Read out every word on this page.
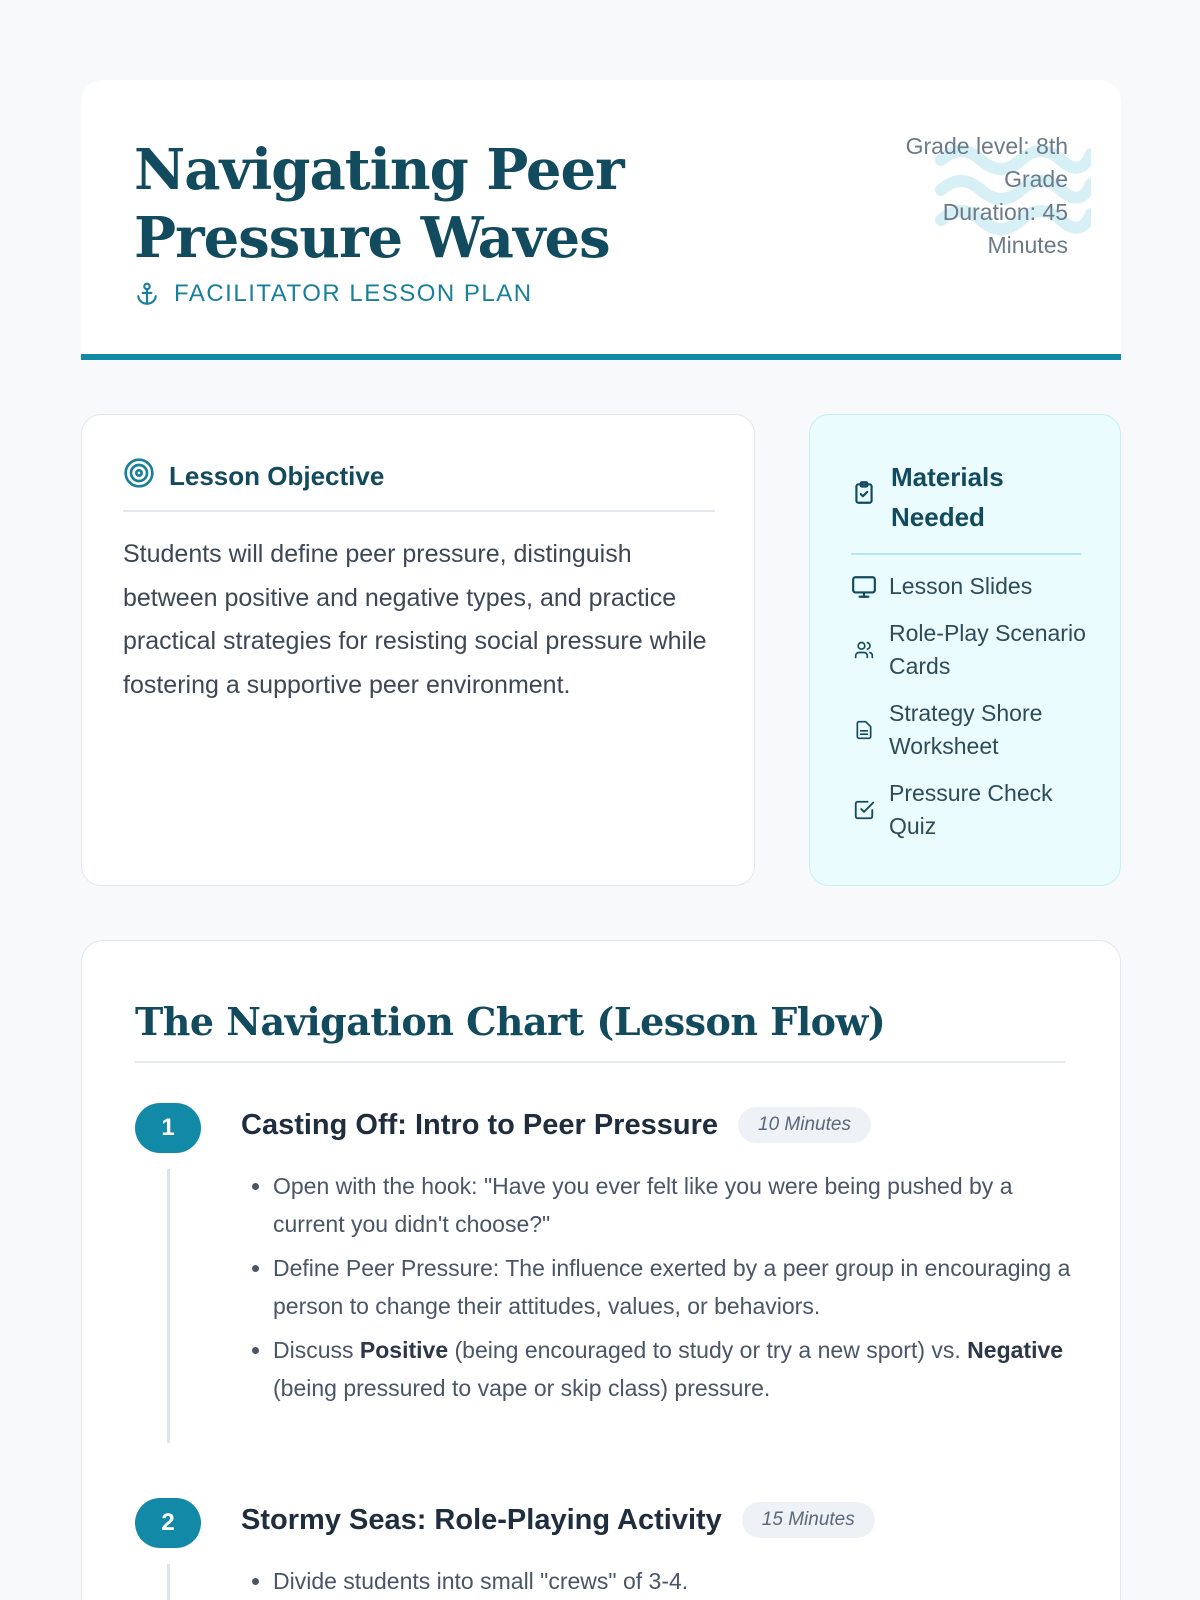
Navigating Peer Pressure Waves
FACILITATOR LESSON PLAN
Grade level: 8th Grade
Duration: 45 Minutes
Lesson Objective

Students will define peer pressure, distinguish between positive and negative types, and practice practical strategies for resisting social pressure while fostering a supportive peer environment.

Materials Needed
Lesson Slides
Role-Play Scenario Cards
Strategy Shore Worksheet
Pressure Check Quiz
The Navigation Chart (Lesson Flow)
1	Casting Off: Intro to Peer Pressure	10 Minutes
• Open with the hook: "Have you ever felt like you were being pushed by a current you didn't choose?"
• Define Peer Pressure: The influence exerted by a peer group in encouraging a person to change their attitudes, values, or behaviors.
• Discuss Positive (being encouraged to study or try a new sport) vs. Negative (being pressured to vape or skip class) pressure.
2	Stormy Seas: Role-Playing Activity	15 Minutes
• Divide students into small "crews" of 3-4.
